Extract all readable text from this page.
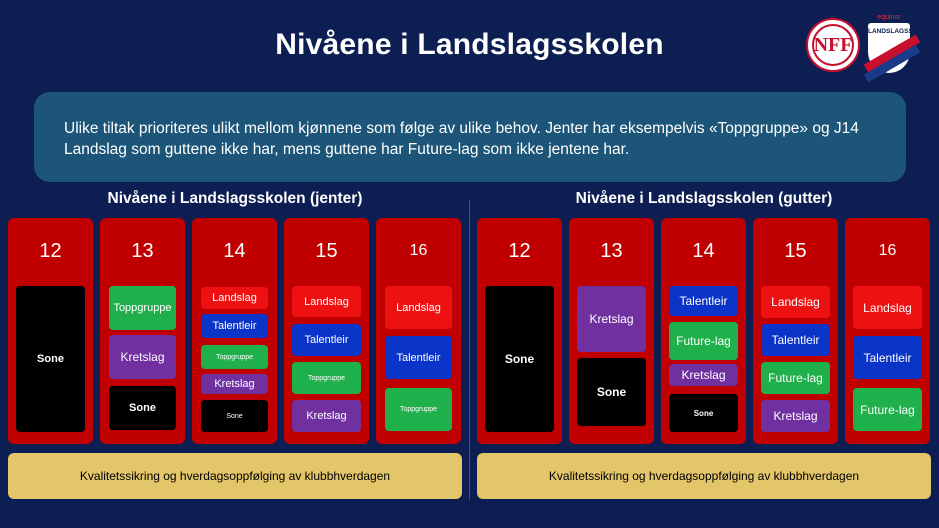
Nivåene i Landslagsskolen	NFF
equinor
LANDSLAGSSKOLE
Ulike tiltak prioriteres ulikt mellom kjønnene som følge av ulike behov. Jenter har eksempelvis «Toppgruppe» og J14 Landslag som guttene ikke har, mens guttene har Future-lag som ikke jentene har.
Nivåene i Landslagsskolen (jenter)
12
Sone
13
Toppgruppe
Kretslag
Sone
14
Landslag
Talentleir
Toppgruppe
Kretslag
Sone
15
Landslag
Talentleir
Toppgruppe
Kretslag
16
Landslag
Talentleir
Toppgruppe
Kvalitetssikring og hverdagsoppfølging av klubbhverdagen
Nivåene i Landslagsskolen (gutter)
12
Sone
13
Kretslag
Sone
14
Talentleir
Future-lag
Kretslag
Sone
15
Landslag
Talentleir
Future-lag
Kretslag
16
Landslag
Talentleir
Future-lag
Kvalitetssikring og hverdagsoppfølging av klubbhverdagen
